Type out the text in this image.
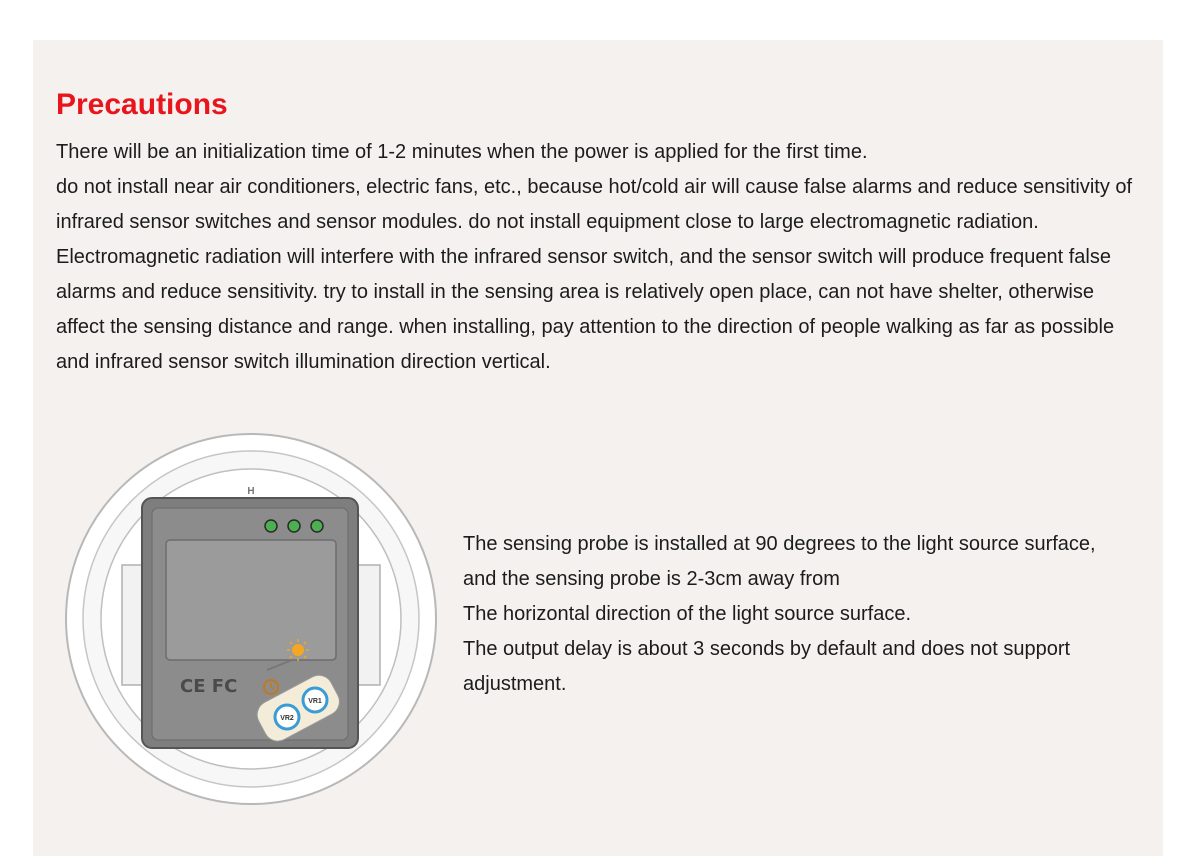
Precautions

There will be an initialization time of 1-2 minutes when the power is applied for the first time.

do not install near air conditioners, electric fans, etc., because hot/cold air will cause false alarms and reduce sensitivity of infrared sensor switches and sensor modules. do not install equipment close to large electromagnetic radiation. Electromagnetic radiation will interfere with the infrared sensor switch, and the sensor switch will produce frequent false alarms and reduce sensitivity. try to install in the sensing area is relatively open place, can not have shelter, otherwise affect the sensing distance and range. when installing, pay attention to the direction of people walking as far as possible and infrared sensor switch illumination direction vertical.

H
CE FC
VR1
VR2

The sensing probe is installed at 90 degrees to the light source surface,

and the sensing probe is 2-3cm away from

The horizontal direction of the light source surface.

The output delay is about 3 seconds by default and does not support adjustment.
